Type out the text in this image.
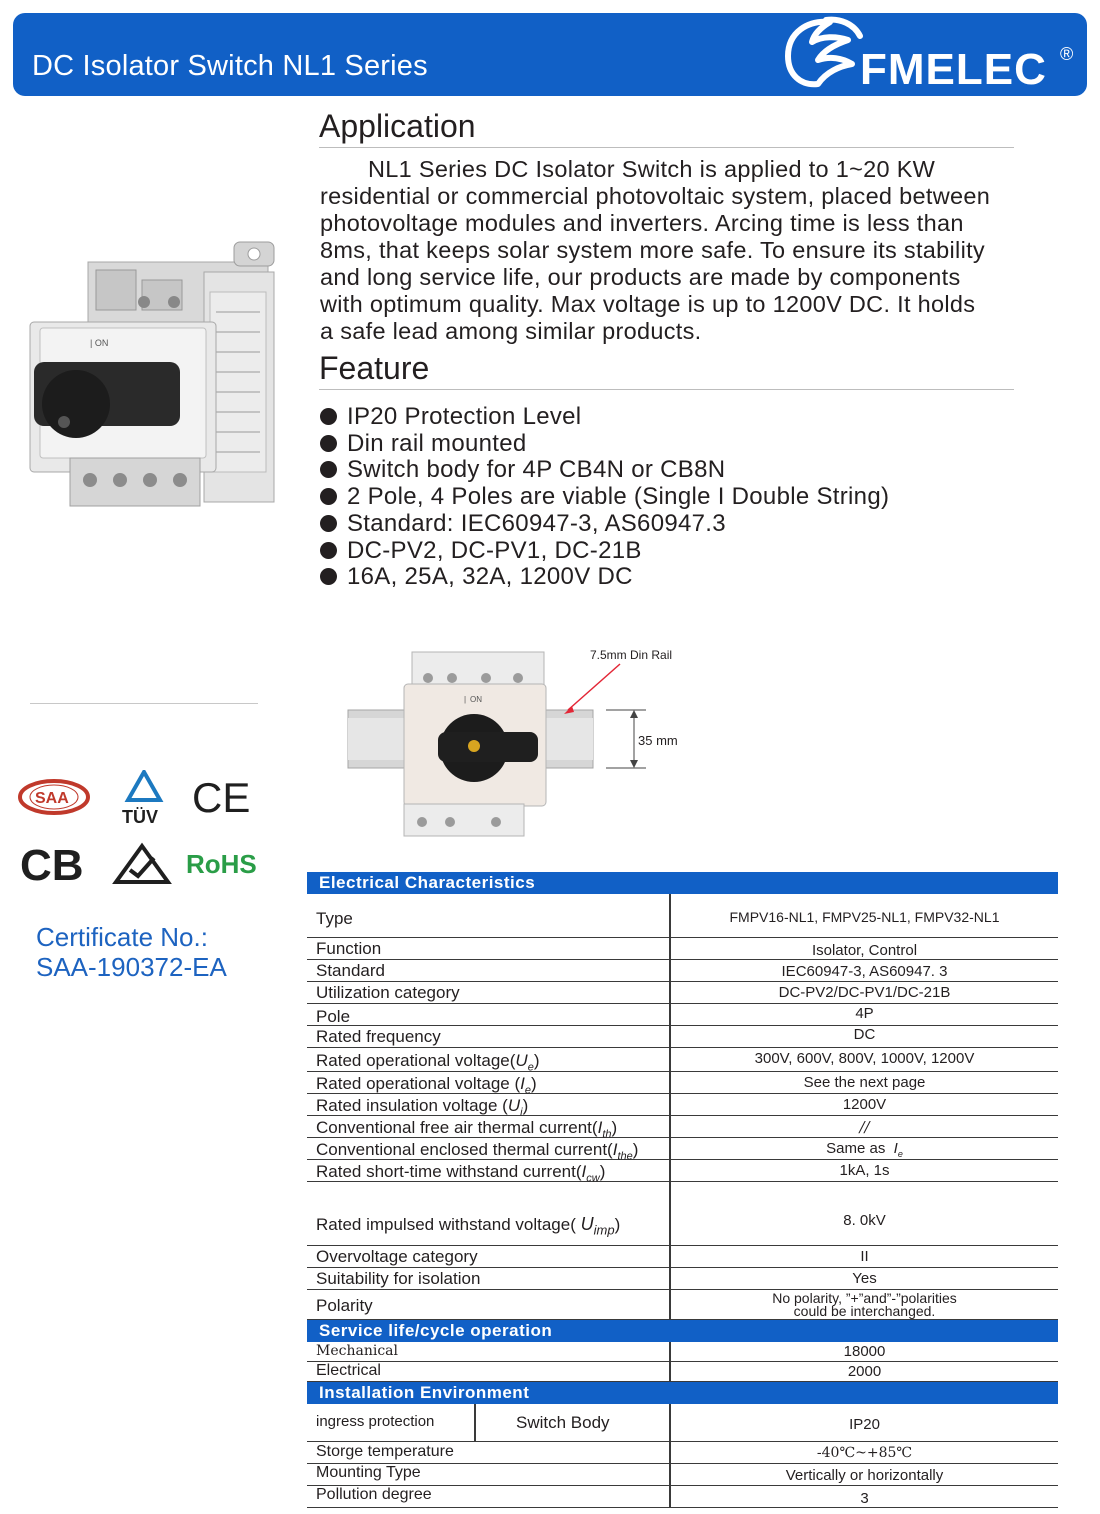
DC Isolator Switch NL1 Series	FMELEC ®
| ON
Application
NL1 Series DC Isolator Switch is applied to 1~20 KW
residential or commercial photovoltaic system, placed between
photovoltage modules and inverters. Arcing time is less than
8ms, that keeps solar system more safe. To ensure its stability
and long service life, our products are made by components
with optimum quality. Max voltage is up to 1200V DC. It holds
a safe lead among similar products.
Feature
IP20 Protection Level
Din rail mounted
Switch body for 4P CB4N or CB8N
2 Pole, 4 Poles are viable (Single I Double String)
Standard: IEC60947-3, AS60947.3
DC-PV2, DC-PV1, DC-21B
16A, 25A, 32A, 1200V DC
| ON
7.5mm Din Rail
35 mm
SAA
TÜV CE
CB	RoHS
Certificate No.:
SAA-190372-EA
Electrical Characteristics
Type	FMPV16-NL1, FMPV25-NL1, FMPV32-NL1
Function	Isolator, Control
Standard	IEC60947-3, AS60947. 3
Utilization category	DC-PV2/DC-PV1/DC-21B
Pole	4P
Rated frequency	DC
Rated operational $voltage(U_e)$	300V, 600V, 800V, 1000V, 1200V
Rated operational voltage $(I_e)$	See the next page
Rated insulation voltage $(U_i)$	1200V
Conventional free air thermal $current(I_{th})$	//
Conventional enclosed thermal $current(I_{the})$	Same as $I_e$
Rated short-time withstand $current(I_{cw})$	1kA, 1s
Rated impulsed withstand voltage( $U_{imp}$)	8. 0kV
Overvoltage category	II
Suitability for isolation	Yes
Polarity	No polarity, ”+”and”-”polarities
could be interchanged.
Service life/cycle operation
Mechanical	18000
Electrical	2000
Installation Environment
ingress protection	Switch Body	IP20
Storge temperature	-40℃~+85℃
Mounting Type	Vertically or horizontally
Pollution degree	3
